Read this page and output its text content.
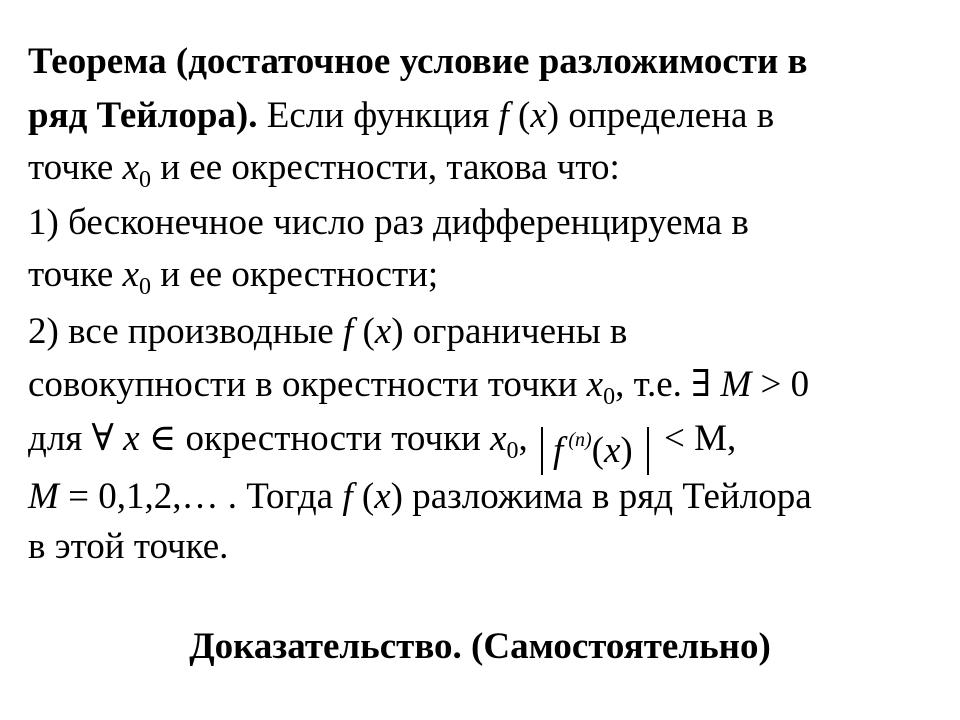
Теорема (достаточное условие разложимости в
ряд Тейлора). Если функция f (x) определена в
точке $x_0$ и ее окрестности, такова что:
1) бесконечное число раз дифференцируема в
точке $x_0$ и ее окрестности;
2) все производные f (x) ограничены в
совокупности в окрестности точки $x_0$, т.е. ∃ M > 0
для ∀ x ∈ окрестности точки $x_0$, f $^{(n)}$(x) < M,
M = 0,1,2,… . Тогда f (x) разложима в ряд Тейлора
в этой точке.
Доказательство. (Самостоятельно)
